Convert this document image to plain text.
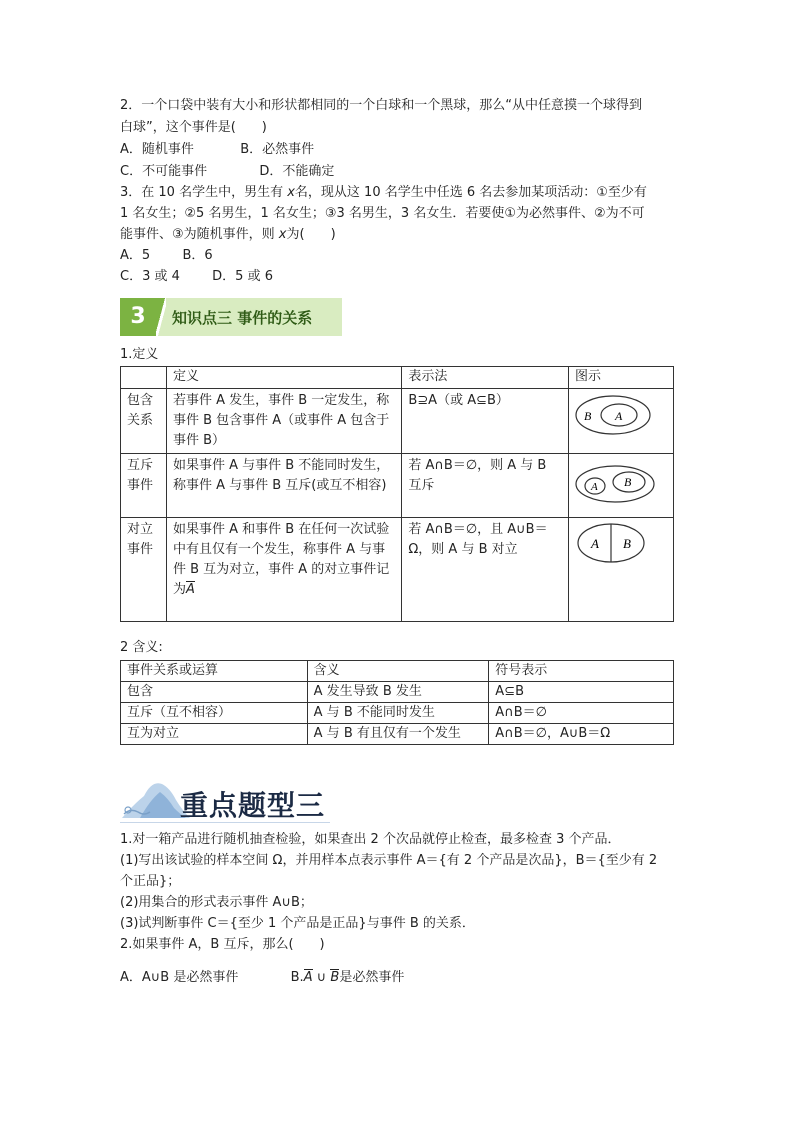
2．一个口袋中装有大小和形状都相同的一个白球和一个黑球，那么“从中任意摸一个球得到
白球”，这个事件是(　　)
A．随机事件	B．必然事件
C．不可能事件	D．不能确定
3．在 10 名学生中，男生有 x名，现从这 10 名学生中任选 6 名去参加某项活动：①至少有
1 名女生；②5 名男生，1 名女生；③3 名男生，3 名女生．若要使①为必然事件、②为不可
能事件、③为随机事件，则 x为(　　)
A．5 B．6
C．3 或 4 D．5 或 6
3	知识点三 事件的关系
1.定义
	定义	表示法	图示
包含关系	若事件 A 发生，事件 B 一定发生，称事件 B 包含事件 A（或事件 A 包含于事件 B）	B⊇A（或 A⊆B）	B A

互斥事件	如果事件 A 与事件 B 不能同时发生，称事件 A 与事件 B 互斥(或互不相容)	若 A∩B＝∅，则 A 与 B 互斥	A B

对立事件	如果事件 A 和事件 B 在任何一次试验中有且仅有一个发生，称事件 A 与事件 B 互为对立，事件 A 的对立事件记为A	若 A∩B＝∅，且 A∪B＝Ω，则 A 与 B 对立	A B
2 含义:
事件关系或运算	含义	符号表示
包含	A 发生导致 B 发生	A⊆B
互斥（互不相容）	A 与 B 不能同时发生	A∩B＝∅
互为对立	A 与 B 有且仅有一个发生	A∩B＝∅，A∪B＝Ω
重点题型三
1.对一箱产品进行随机抽查检验，如果查出 2 个次品就停止检查，最多检查 3 个产品．
(1)写出该试验的样本空间 Ω，并用样本点表示事件 A＝{有 2 个产品是次品}，B＝{至少有 2
个正品}；
(2)用集合的形式表示事件 A∪B；
(3)试判断事件 C＝{至少 1 个产品是正品}与事件 B 的关系．
2.如果事件 A，B 互斥，那么(　　)
A．A∪B 是必然事件	B.A ∪ B是必然事件
